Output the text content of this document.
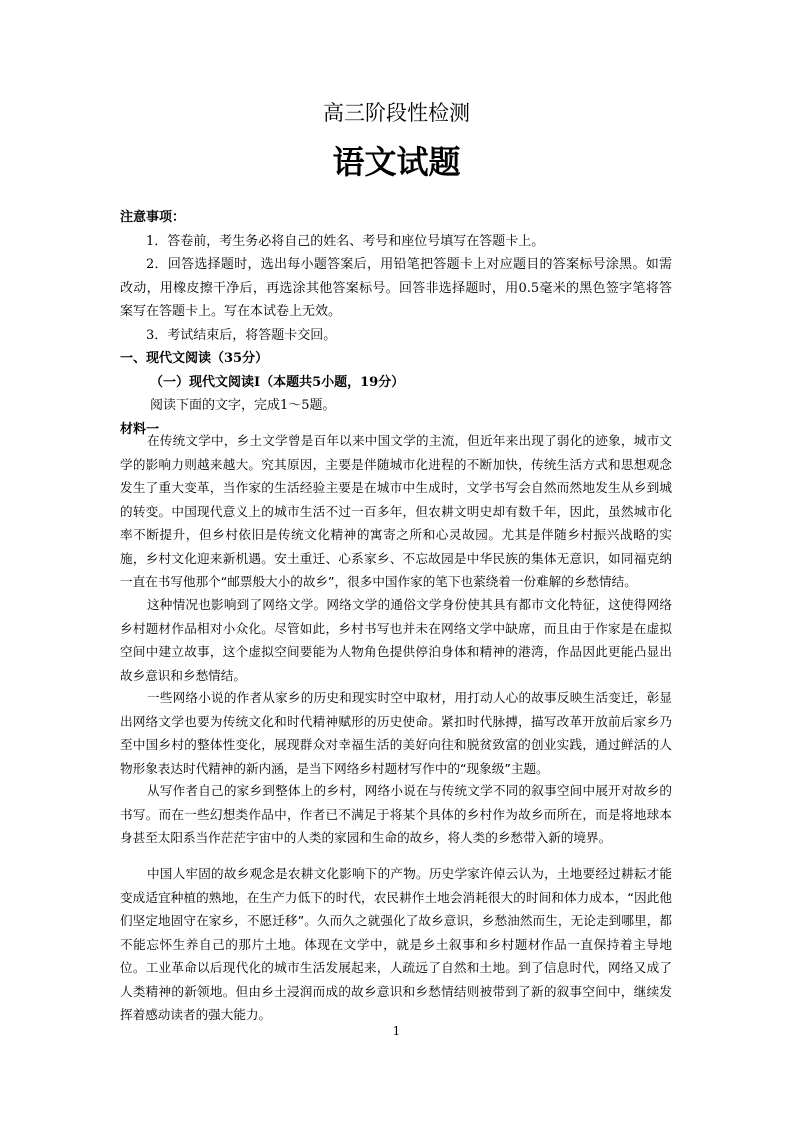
高三阶段性检测
语文试题
注意事项：
1．答卷前，考生务必将自己的姓名、考号和座位号填写在答题卡上。
2．回答选择题时，选出每小题答案后，用铅笔把答题卡上对应题目的答案标号涂黑。如需改动，用橡皮擦干净后，再选涂其他答案标号。回答非选择题时，用0.5毫米的黑色签字笔将答案写在答题卡上。写在本试卷上无效。
3．考试结束后，将答题卡交回。
一、现代文阅读（35分）
（一）现代文阅读Ⅰ（本题共5小题，19分）
阅读下面的文字，完成1～5题。
材料一
在传统文学中，乡土文学曾是百年以来中国文学的主流，但近年来出现了弱化的迹象，城市文学的影响力则越来越大。究其原因，主要是伴随城市化进程的不断加快，传统生活方式和思想观念发生了重大变革，当作家的生活经验主要是在城市中生成时，文学书写会自然而然地发生从乡到城的转变。中国现代意义上的城市生活不过一百多年，但农耕文明史却有数千年，因此，虽然城市化率不断提升，但乡村依旧是传统文化精神的寓寄之所和心灵故园。尤其是伴随乡村振兴战略的实施，乡村文化迎来新机遇。安土重迁、心系家乡、不忘故园是中华民族的集体无意识，如同福克纳一直在书写他那个“邮票般大小的故乡”，很多中国作家的笔下也萦绕着一份难解的乡愁情结。
这种情况也影响到了网络文学。网络文学的通俗文学身份使其具有都市文化特征，这使得网络乡村题材作品相对小众化。尽管如此，乡村书写也并未在网络文学中缺席，而且由于作家是在虚拟空间中建立故事，这个虚拟空间要能为人物角色提供停泊身体和精神的港湾，作品因此更能凸显出故乡意识和乡愁情结。
一些网络小说的作者从家乡的历史和现实时空中取材，用打动人心的故事反映生活变迁，彰显出网络文学也要为传统文化和时代精神赋形的历史使命。紧扣时代脉搏，描写改革开放前后家乡乃至中国乡村的整体性变化，展现群众对幸福生活的美好向往和脱贫致富的创业实践，通过鲜活的人物形象表达时代精神的新内涵，是当下网络乡村题材写作中的“现象级”主题。
从写作者自己的家乡到整体上的乡村，网络小说在与传统文学不同的叙事空间中展开对故乡的书写。而在一些幻想类作品中，作者已不满足于将某个具体的乡村作为故乡而所在，而是将地球本身甚至太阳系当作茫茫宇宙中的人类的家园和生命的故乡，将人类的乡愁带入新的境界。
中国人牢固的故乡观念是农耕文化影响下的产物。历史学家许倬云认为，土地要经过耕耘才能变成适宜种植的熟地，在生产力低下的时代，农民耕作土地会消耗很大的时间和体力成本，“因此他们坚定地固守在家乡，不愿迁移”。久而久之就强化了故乡意识，乡愁油然而生，无论走到哪里，都不能忘怀生养自己的那片土地。体现在文学中，就是乡土叙事和乡村题材作品一直保持着主导地位。工业革命以后现代化的城市生活发展起来，人疏远了自然和土地。到了信息时代，网络又成了人类精神的新领地。但由乡土浸润而成的故乡意识和乡愁情结则被带到了新的叙事空间中，继续发挥着感动读者的强大能力。
1
